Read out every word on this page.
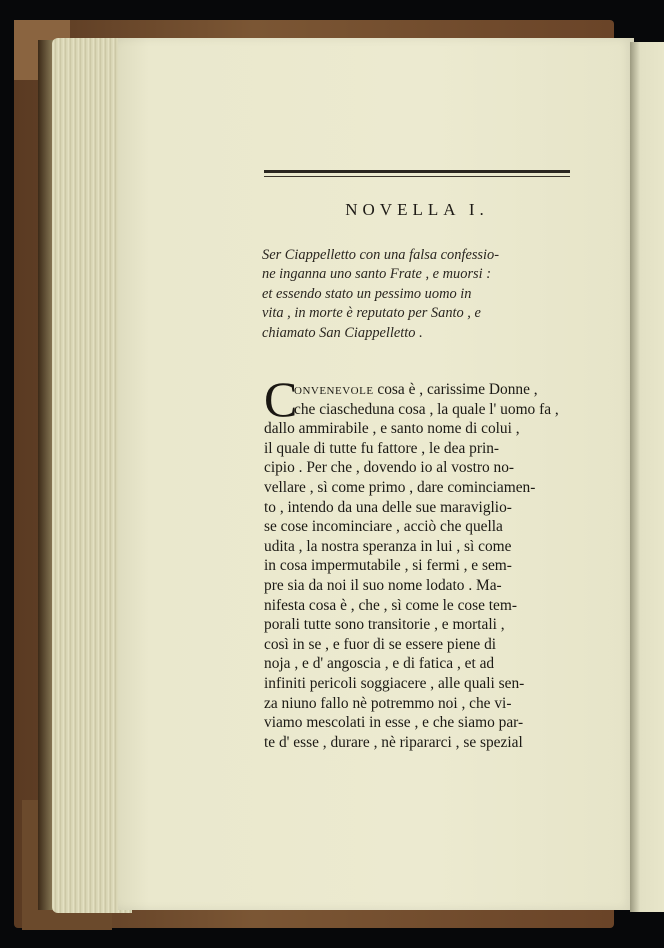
NOVELLA I.

Ser Ciappelletto con una falsa confessio-
ne inganna uno santo Frate , e muorsi :
et essendo stato un pessimo uomo in
vita , in morte è reputato per Santo , e
chiamato San Ciappelletto .

C
onvenevole cosa è , carissime Donne ,
che ciascheduna cosa , la quale l' uomo fa ,
dallo ammirabile , e santo nome di colui ,
il quale di tutte fu fattore , le dea prin-
cipio . Per che , dovendo io al vostro no-
vellare , sì come primo , dare cominciamen-
to , intendo da una delle sue maraviglio-
se cose incominciare , acciò che quella
udita , la nostra speranza in lui , sì come
in cosa impermutabile , si fermi , e sem-
pre sia da noi il suo nome lodato . Ma-
nifesta cosa è , che , sì come le cose tem-
porali tutte sono transitorie , e mortali ,
così in se , e fuor di se essere piene di
noja , e d' angoscia , e di fatica , et ad
infiniti pericoli soggiacere , alle quali sen-
za niuno fallo nè potremmo noi , che vi-
viamo mescolati in esse , e che siamo par-
te d' esse , durare , nè ripararci , se spezial
